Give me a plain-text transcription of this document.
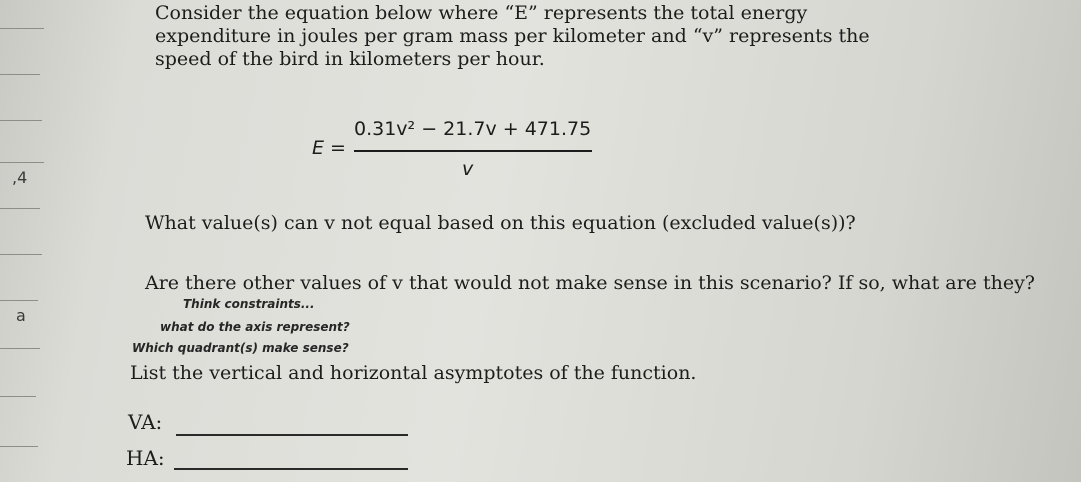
,4
a
Consider the equation below where “E” represents the total energy
expenditure in joules per gram mass per kilometer and “v” represents the
speed of the bird in kilometers per hour.
E =
0.31v² − 21.7v + 471.75
v
What value(s) can v not equal based on this equation (excluded value(s))?
Are there other values of v that would not make sense in this scenario? If so, what are they?
Think constraints...
what do the axis represent?
Which quadrant(s) make sense?
List the vertical and horizontal asymptotes of the function.
VA:
HA:
